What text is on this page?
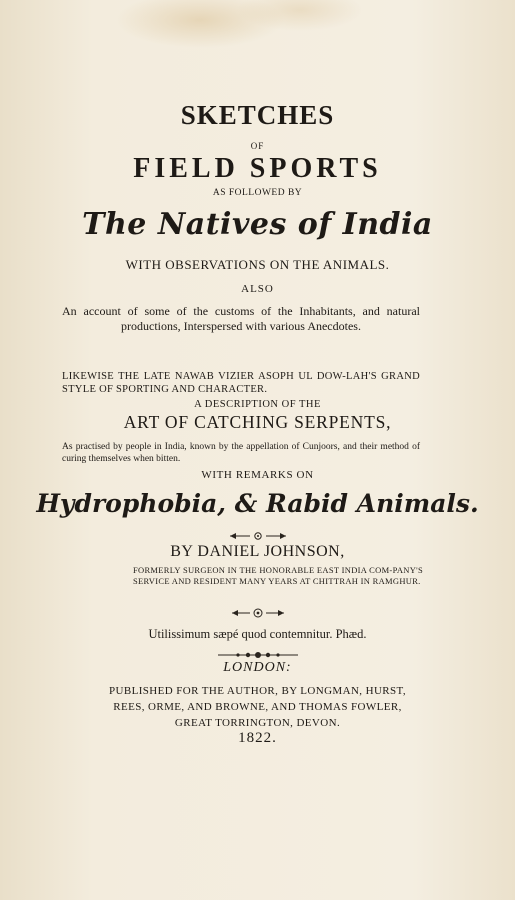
SKETCHES
OF
FIELD SPORTS
AS FOLLOWED BY
The Natives of India
WITH OBSERVATIONS ON THE ANIMALS.
ALSO

An account of some of the customs of the Inhabitants, and natural productions, Interspersed with various Anecdotes.

LIKEWISE THE LATE NAWAB VIZIER ASOPH UL DOW-LAH'S GRAND STYLE OF SPORTING AND CHARACTER.

A DESCRIPTION OF THE
ART OF CATCHING SERPENTS,

As practised by people in India, known by the appellation of Cunjoors, and their method of curing themselves when bitten.

WITH REMARKS ON
Hydrophobia, & Rabid Animals.
BY DANIEL JOHNSON,

FORMERLY SURGEON IN THE HONORABLE EAST INDIA COM-PANY'S SERVICE AND RESIDENT MANY YEARS AT CHITTRAH IN RAMGHUR.

Utilissimum sæpé quod contemnitur. Phæd.
LONDON:
PUBLISHED FOR THE AUTHOR, BY LONGMAN, HURST,
REES, ORME, AND BROWNE, AND THOMAS FOWLER,
GREAT TORRINGTON, DEVON.
1822.
